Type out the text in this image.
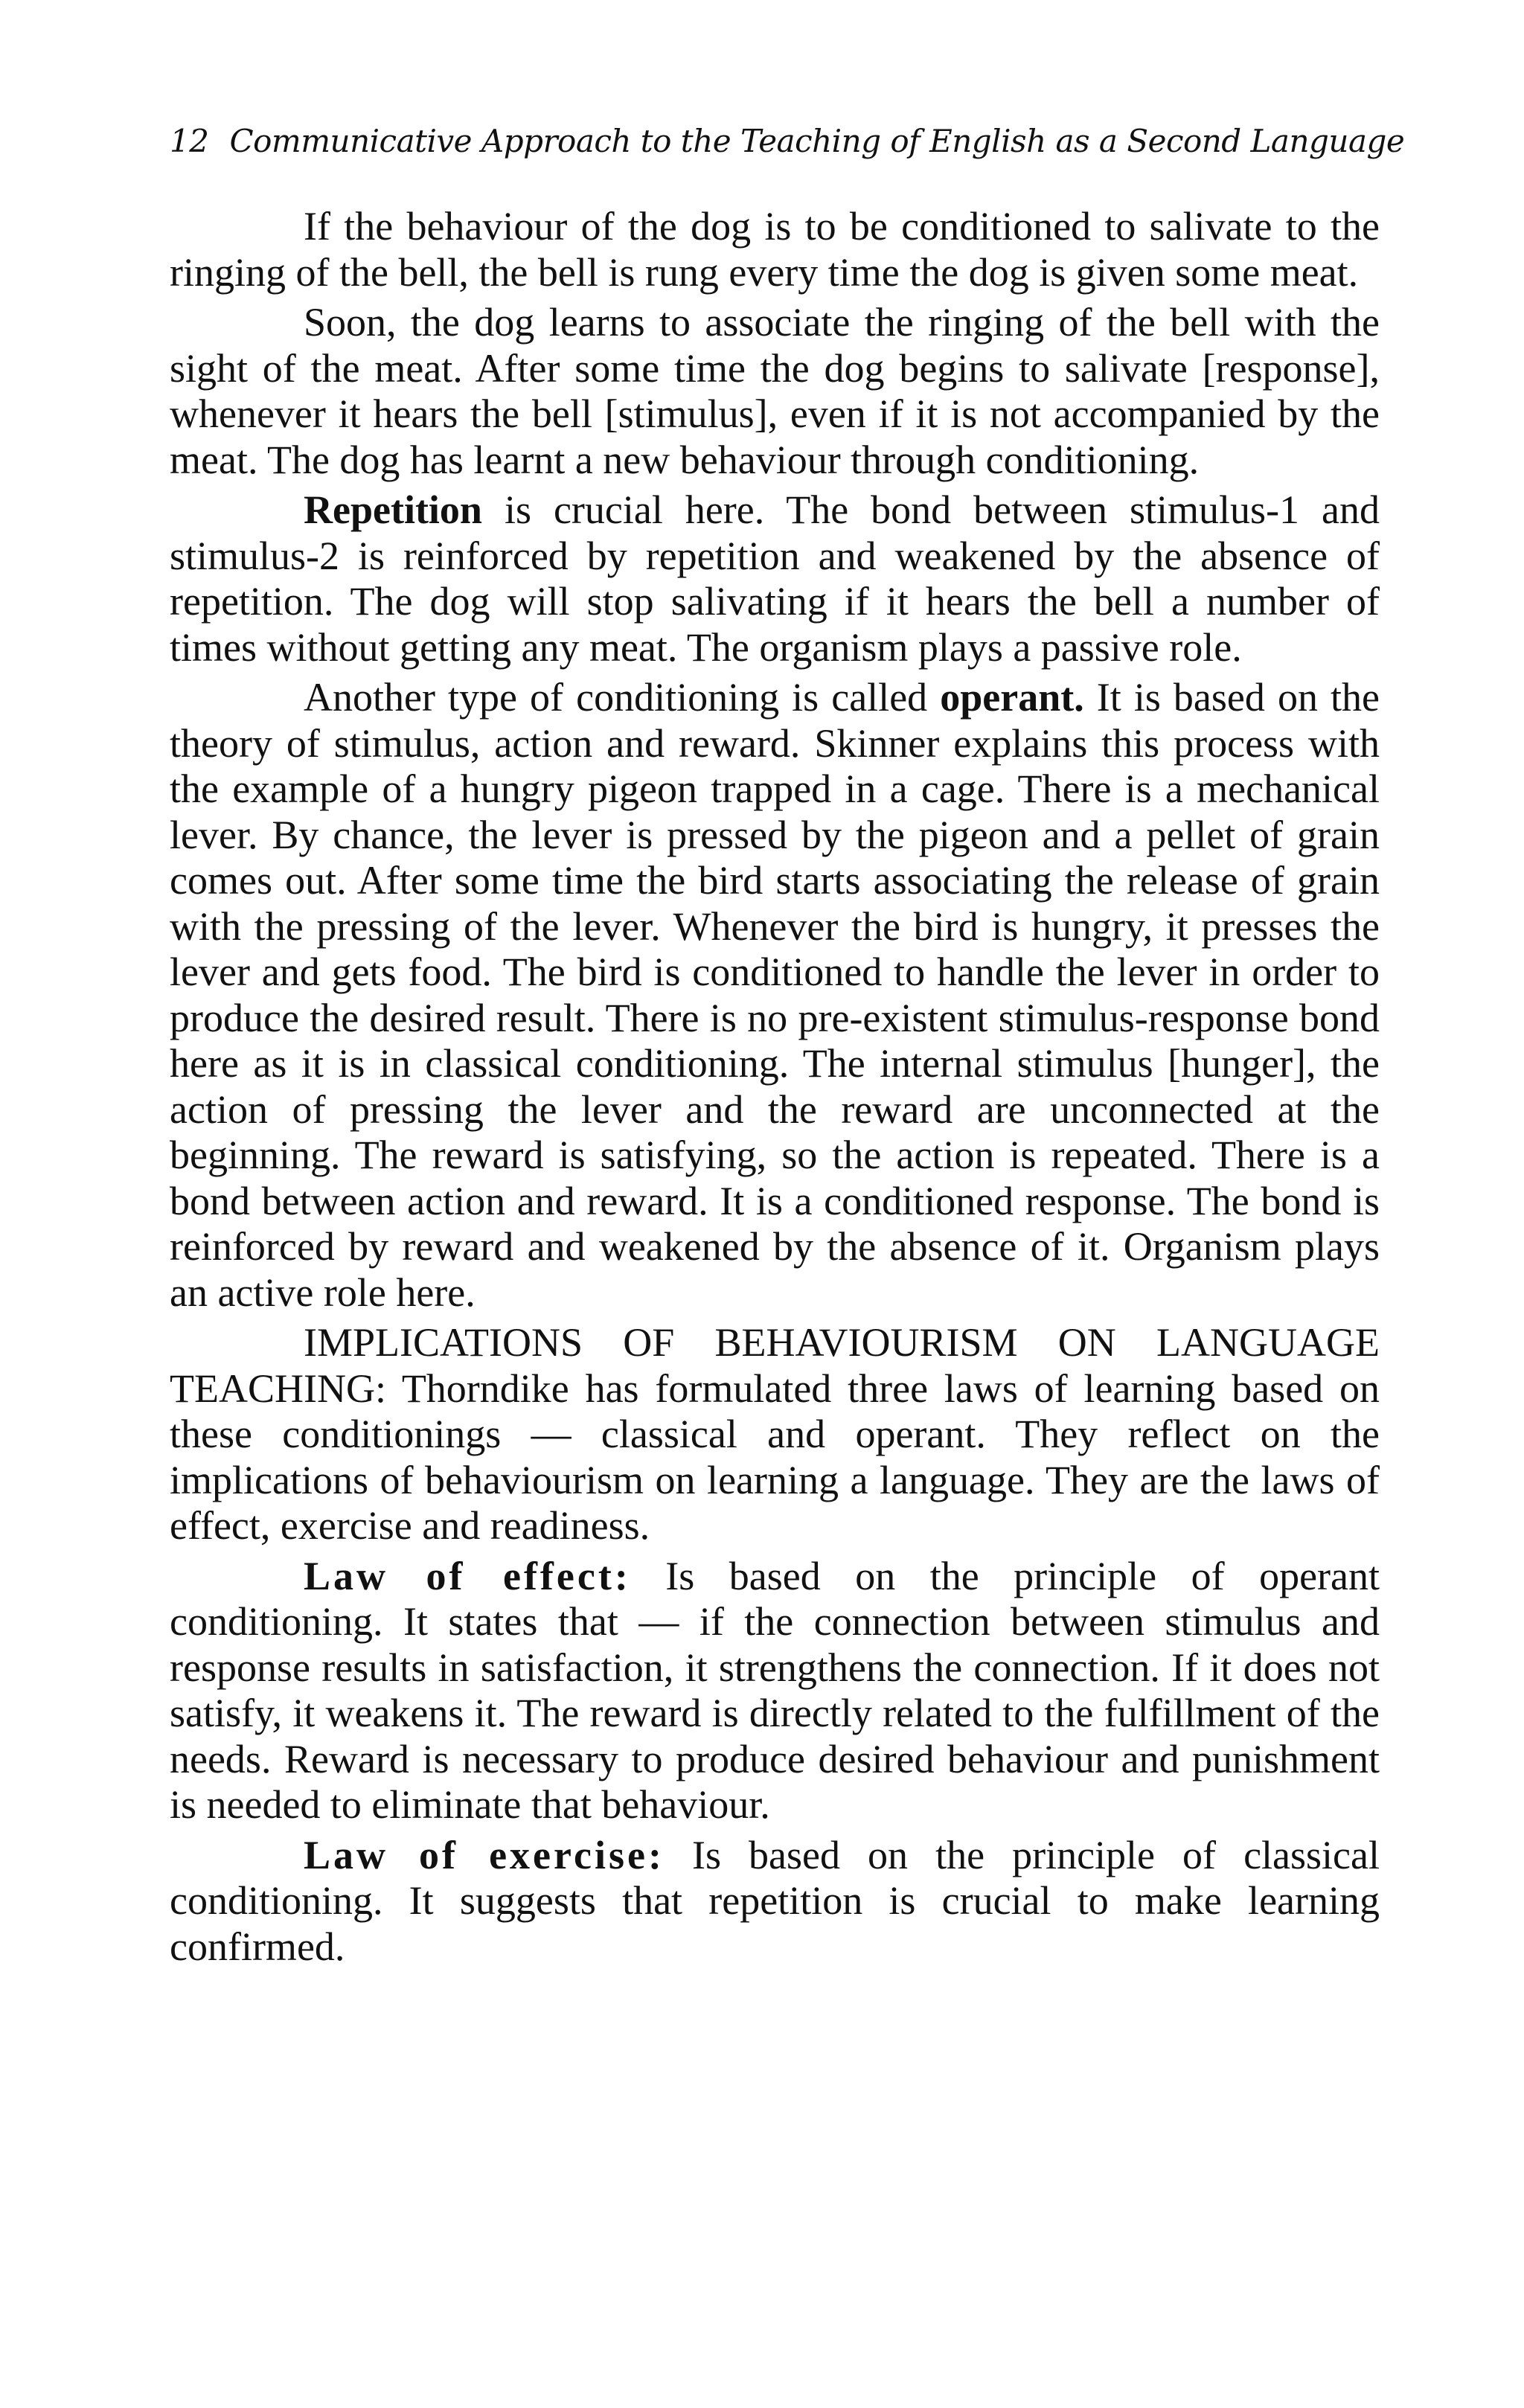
12 Communicative Approach to the Teaching of English as a Second Language

If the behaviour of the dog is to be conditioned to salivate to the ringing of the bell, the bell is rung every time the dog is given some meat.

Soon, the dog learns to associate the ringing of the bell with the sight of the meat. After some time the dog begins to salivate [response], whenever it hears the bell [stimulus], even if it is not accompanied by the meat. The dog has learnt a new behaviour through conditioning.

Repetition is crucial here. The bond between stimulus-1 and stimulus-2 is reinforced by repetition and weakened by the absence of repetition. The dog will stop salivating if it hears the bell a number of times without getting any meat. The organism plays a passive role.

Another type of conditioning is called operant. It is based on the theory of stimulus, action and reward. Skinner explains this process with the example of a hungry pigeon trapped in a cage. There is a mechanical lever. By chance, the lever is pressed by the pigeon and a pellet of grain comes out. After some time the bird starts associating the release of grain with the pressing of the lever. Whenever the bird is hungry, it presses the lever and gets food. The bird is conditioned to handle the lever in order to produce the desired result. There is no pre-existent stimulus-response bond here as it is in classical conditioning. The internal stimulus [hunger], the action of pressing the lever and the reward are unconnected at the beginning. The reward is satisfying, so the action is repeated. There is a bond between action and reward. It is a conditioned response. The bond is reinforced by reward and weakened by the absence of it. Organism plays an active role here.

IMPLICATIONS OF BEHAVIOURISM ON LANGUAGE TEACHING: Thorndike has formulated three laws of learning based on these conditionings — classical and operant. They reflect on the implications of behaviourism on learning a language. They are the laws of effect, exercise and readiness.

Law of effect: Is based on the principle of operant conditioning. It states that — if the connection between stimulus and response results in satisfaction, it strengthens the connection. If it does not satisfy, it weakens it. The reward is directly related to the fulfillment of the needs. Reward is necessary to produce desired behaviour and punishment is needed to eliminate that behaviour.

Law of exercise: Is based on the principle of classical conditioning. It suggests that repetition is crucial to make learning confirmed.
